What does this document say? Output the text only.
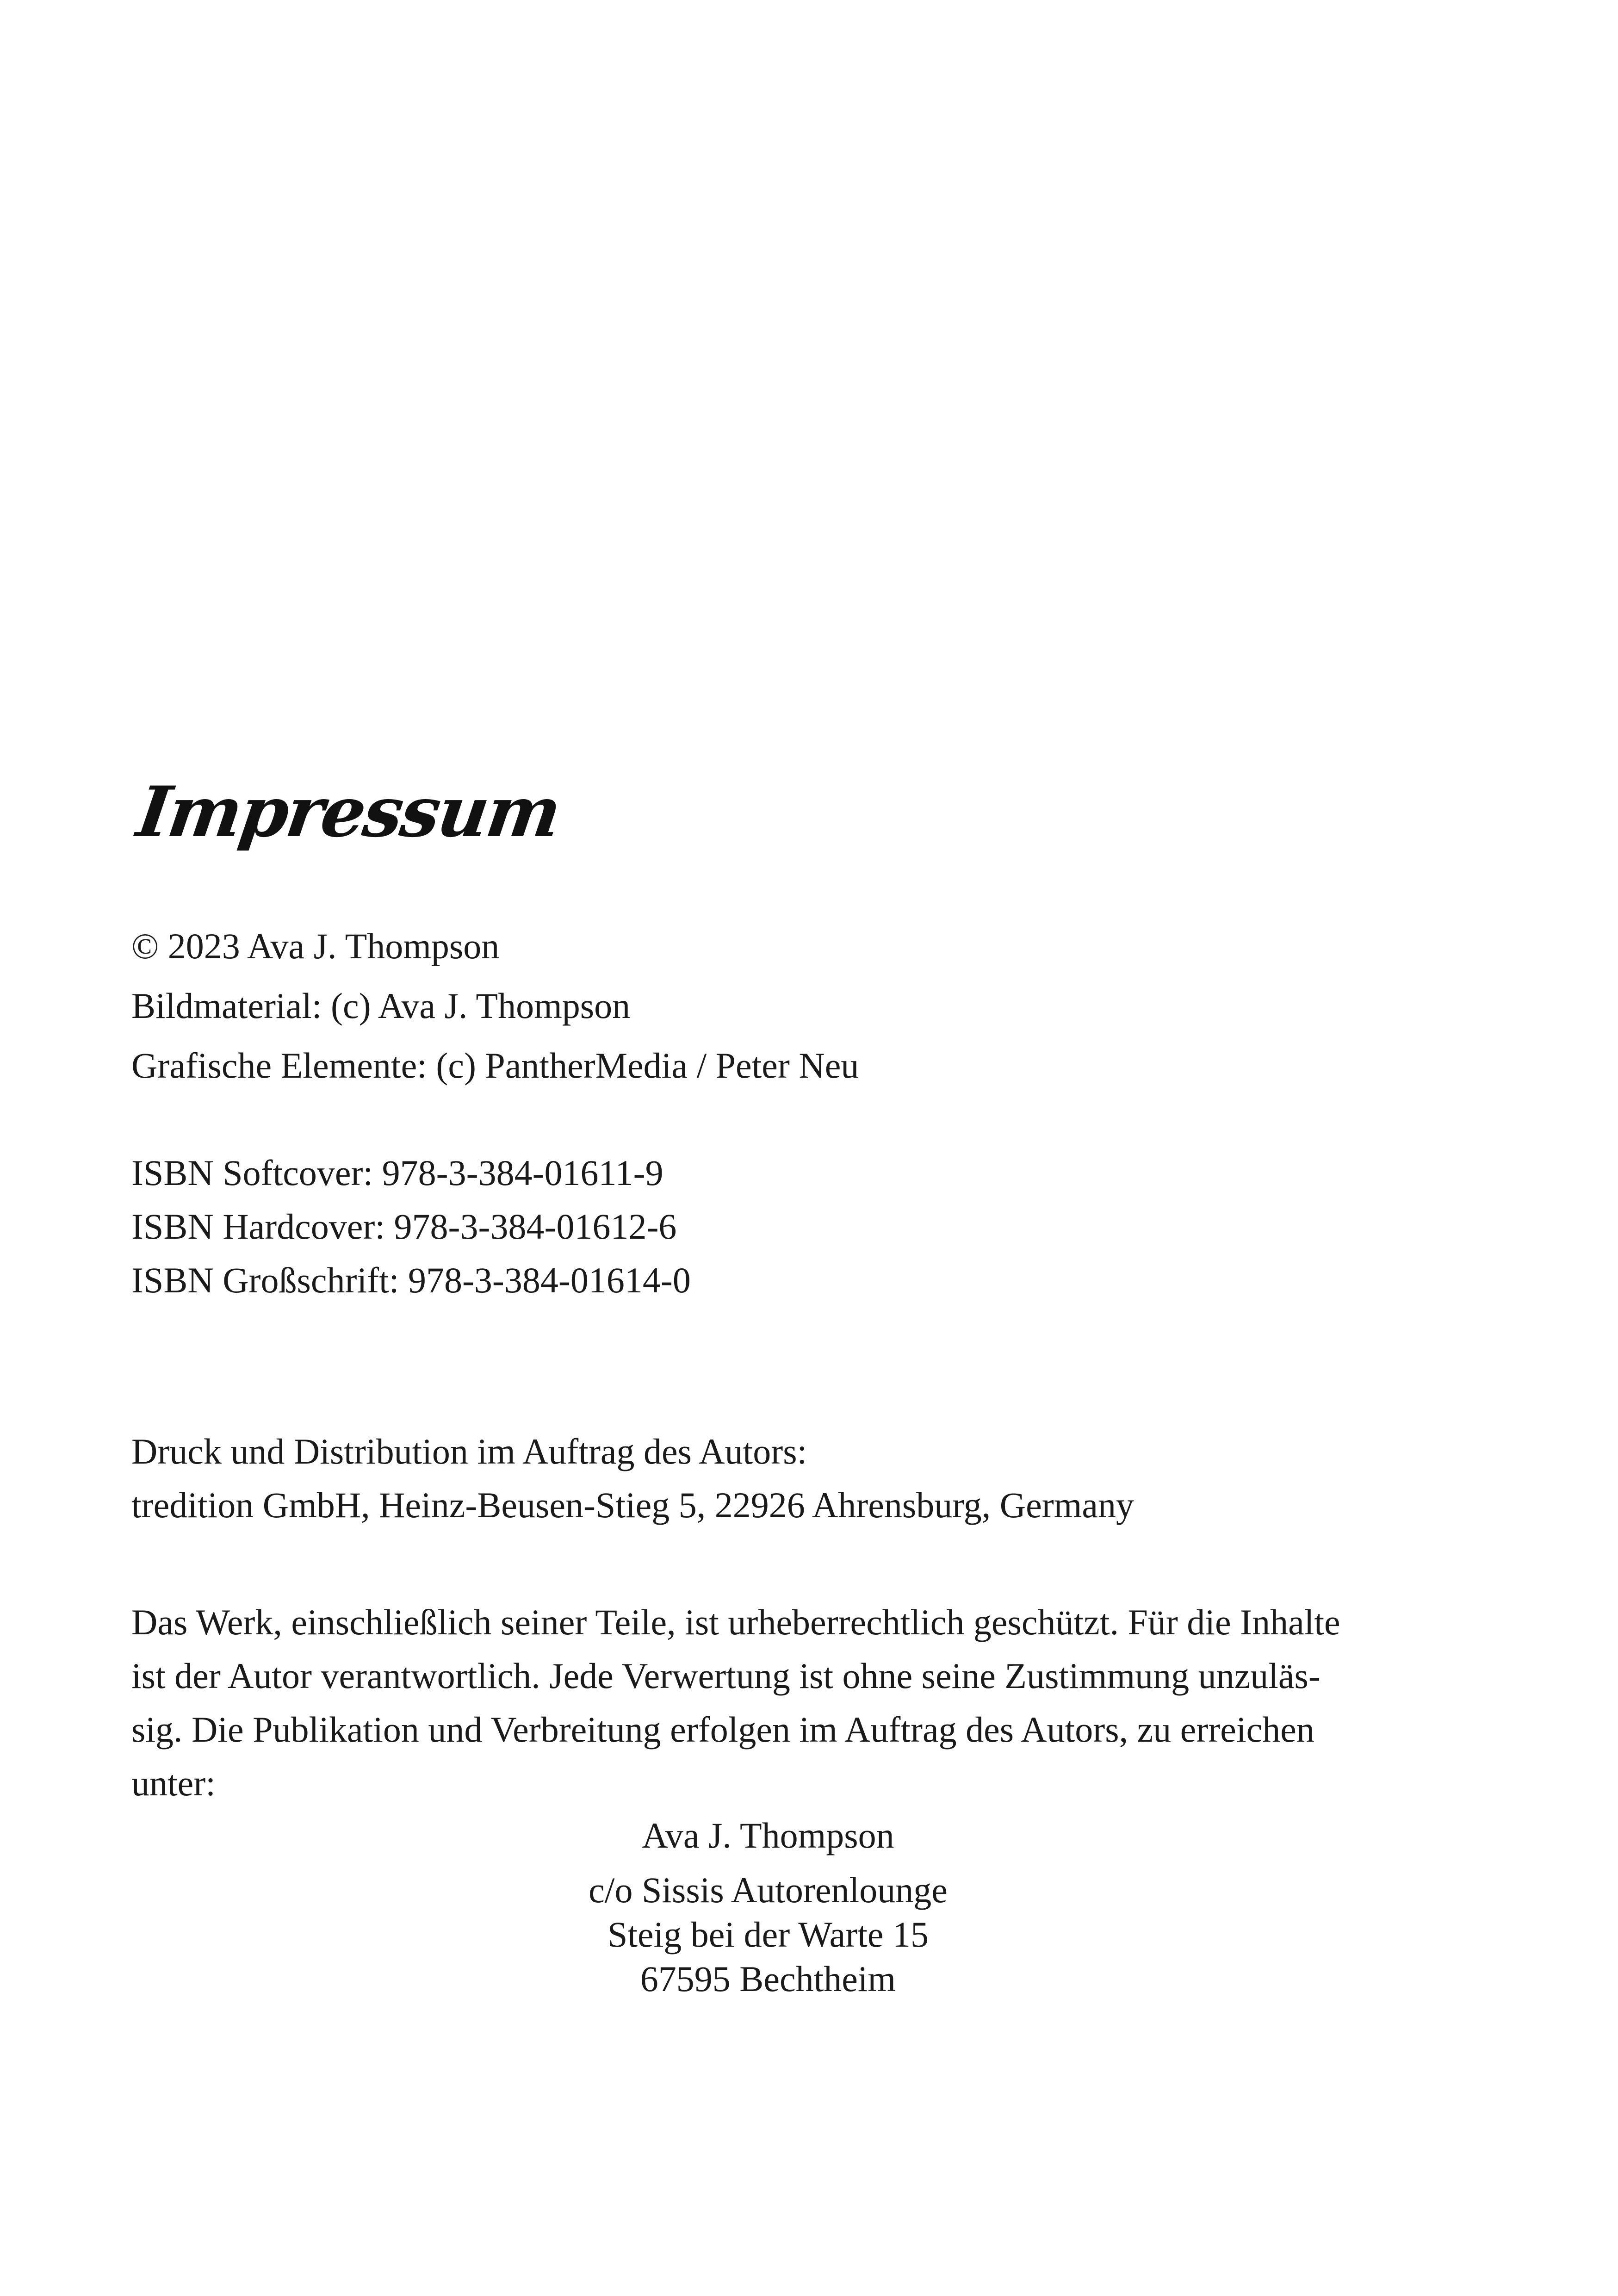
Impressum
© 2023 Ava J. Thompson
Bildmaterial: (c) Ava J. Thompson
Grafische Elemente: (c) PantherMedia / Peter Neu
ISBN Softcover: 978-3-384-01611-9
ISBN Hardcover: 978-3-384-01612-6
ISBN Großschrift: 978-3-384-01614-0
Druck und Distribution im Auftrag des Autors:
tredition GmbH, Heinz-Beusen-Stieg 5, 22926 Ahrensburg, Germany
Das Werk, einschließlich seiner Teile, ist urheberrechtlich geschützt. Für die Inhalte
ist der Autor verantwortlich. Jede Verwertung ist ohne seine Zustimmung unzuläs-
sig. Die Publikation und Verbreitung erfolgen im Auftrag des Autors, zu erreichen
unter:
Ava J. Thompson
c/o Sissis Autorenlounge
Steig bei der Warte 15
67595 Bechtheim
